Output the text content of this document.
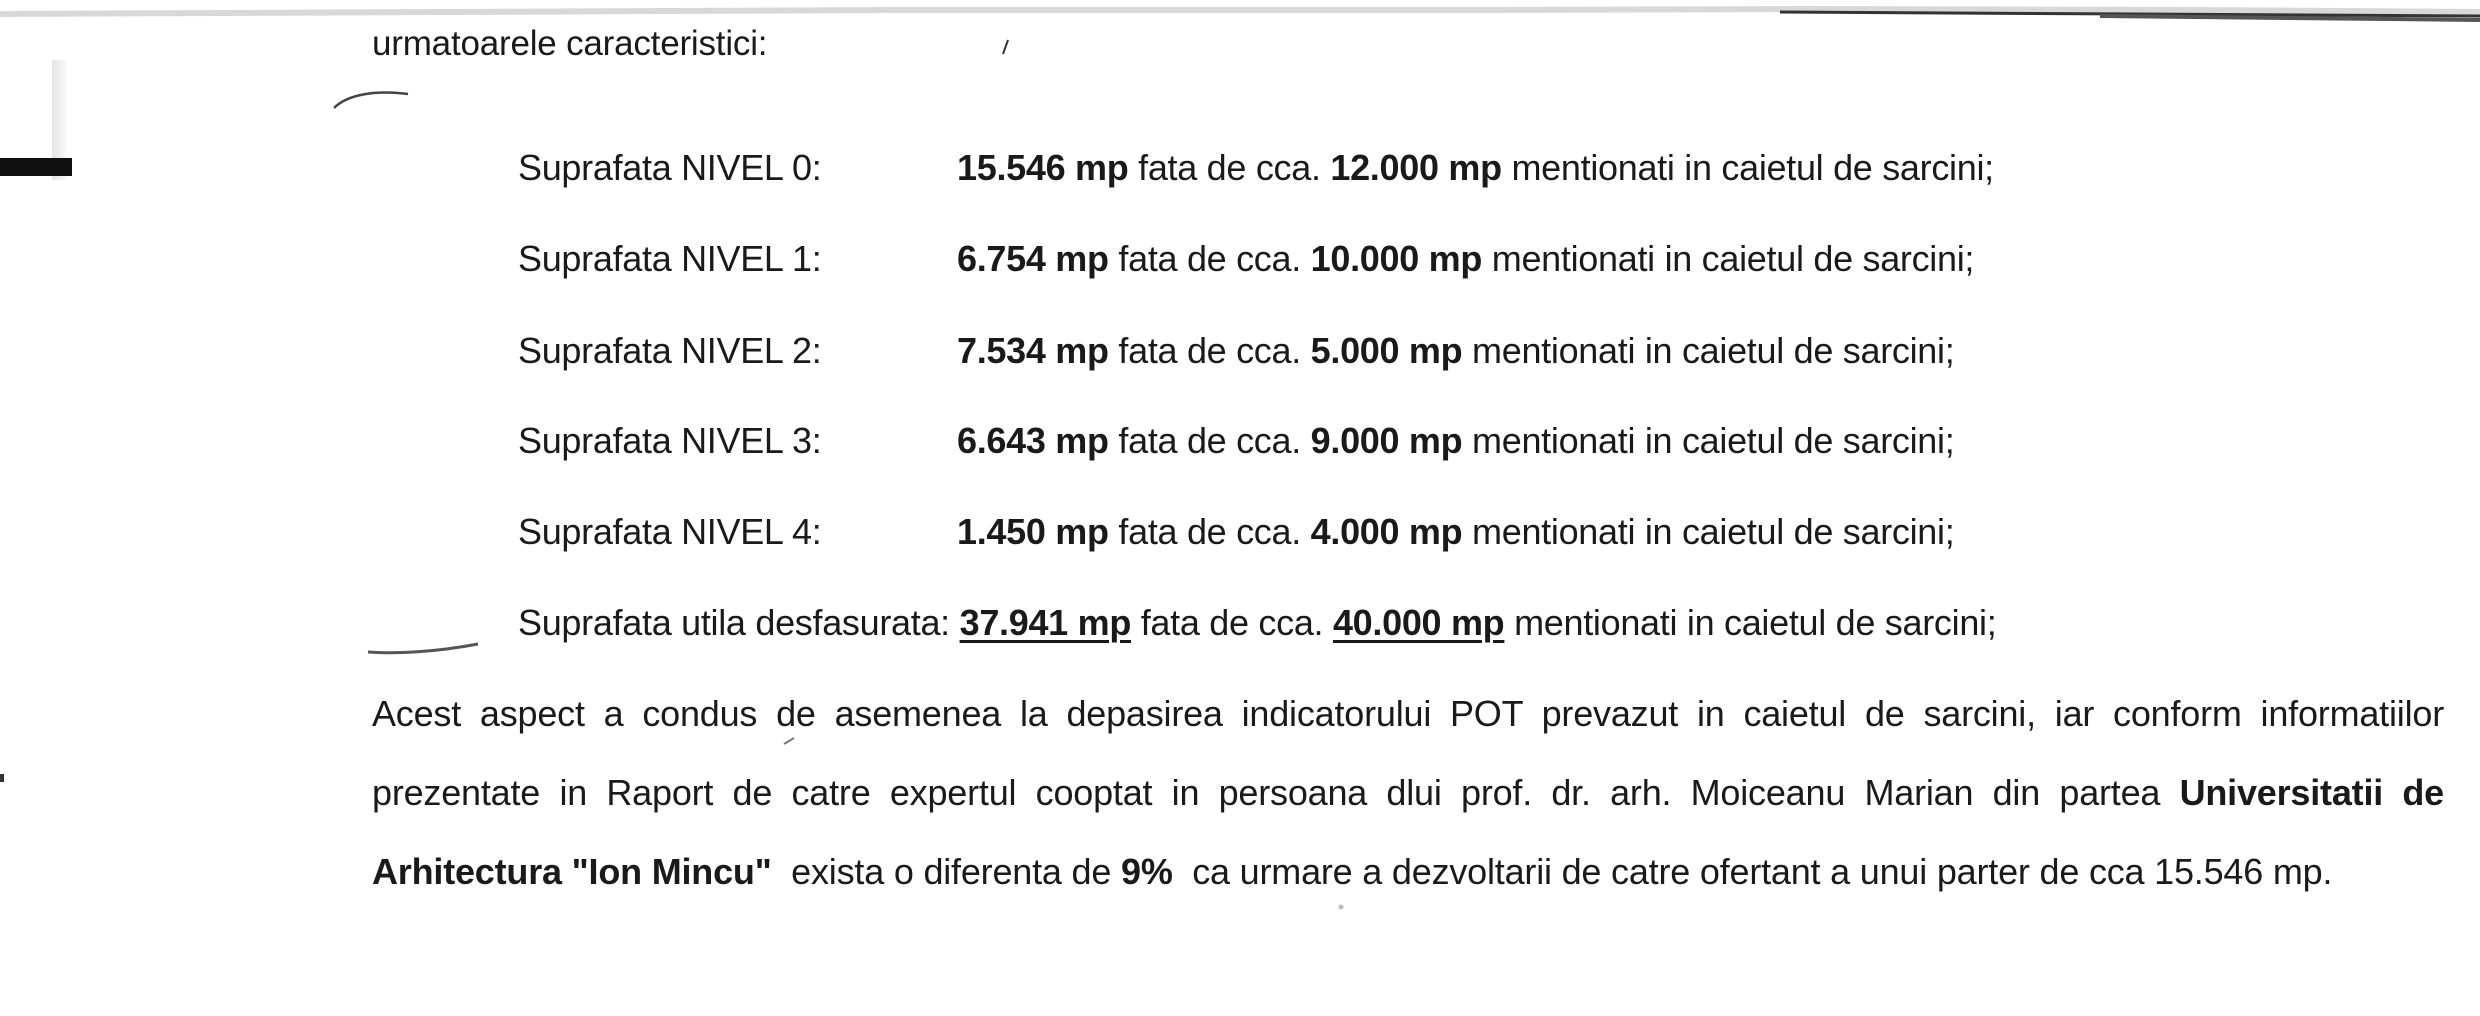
urmatoarele caracteristici:
Suprafata NIVEL 0:	15.546 mp fata de cca. 12.000 mp mentionati in caietul de sarcini;
Suprafata NIVEL 1:	6.754 mp fata de cca. 10.000 mp mentionati in caietul de sarcini;
Suprafata NIVEL 2:	7.534 mp fata de cca. 5.000 mp mentionati in caietul de sarcini;
Suprafata NIVEL 3:	6.643 mp fata de cca. 9.000 mp mentionati in caietul de sarcini;
Suprafata NIVEL 4:	1.450 mp fata de cca. 4.000 mp mentionati in caietul de sarcini;
Suprafata utila desfasurata: 37.941 mp fata de cca. 40.000 mp mentionati in caietul de sarcini;
Acest aspect a condus de asemenea la depasirea indicatorului POT prevazut in caietul de sarcini, iar conform informatiilor
prezentate in Raport de catre expertul cooptat in persoana dlui prof. dr. arh. Moiceanu Marian din partea Universitatii de
Arhitectura "Ion Mincu" exista o diferenta de 9% ca urmare a dezvoltarii de catre ofertant a unui parter de cca 15.546 mp.
